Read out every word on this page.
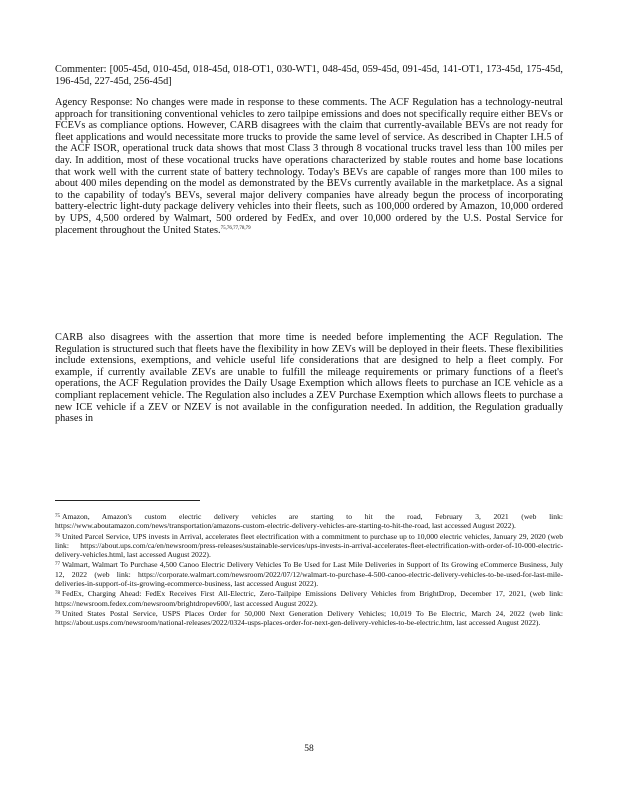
Commenter: [005-45d, 010-45d, 018-45d, 018-OT1, 030-WT1, 048-45d, 059-45d, 091-45d, 141-OT1, 173-45d, 175-45d, 196-45d, 227-45d, 256-45d]

Agency Response: No changes were made in response to these comments. The ACF Regulation has a technology-neutral approach for transitioning conventional vehicles to zero tailpipe emissions and does not specifically require either BEVs or FCEVs as compliance options. However, CARB disagrees with the claim that currently-available BEVs are not ready for fleet applications and would necessitate more trucks to provide the same level of service. As described in Chapter I.H.5 of the ACF ISOR, operational truck data shows that most Class 3 through 8 vocational trucks travel less than 100 miles per day. In addition, most of these vocational trucks have operations characterized by stable routes and home base locations that work well with the current state of battery technology. Today's BEVs are capable of ranges more than 100 miles to about 400 miles depending on the model as demonstrated by the BEVs currently available in the marketplace. As a signal to the capability of today's BEVs, several major delivery companies have already begun the process of incorporating battery-electric light-duty package delivery vehicles into their fleets, such as 100,000 ordered by Amazon, 10,000 ordered by UPS, 4,500 ordered by Walmart, 500 ordered by FedEx, and over 10,000 ordered by the U.S. Postal Service for placement throughout the United States.$^{75,76,77,78,79}$

CARB also disagrees with the assertion that more time is needed before implementing the ACF Regulation. The Regulation is structured such that fleets have the flexibility in how ZEVs will be deployed in their fleets. These flexibilities include extensions, exemptions, and vehicle useful life considerations that are designed to help a fleet comply. For example, if currently available ZEVs are unable to fulfill the mileage requirements or primary functions of a fleet's operations, the ACF Regulation provides the Daily Usage Exemption which allows fleets to purchase an ICE vehicle as a compliant replacement vehicle. The Regulation also includes a ZEV Purchase Exemption which allows fleets to purchase a new ICE vehicle if a ZEV or NZEV is not available in the configuration needed. In addition, the Regulation gradually phases in

$^{75}$ Amazon, Amazon's custom electric delivery vehicles are starting to hit the road, February 3, 2021 (web link: https://www.aboutamazon.com/news/transportation/amazons-custom-electric-delivery-vehicles-are-starting-to-hit-the-road, last accessed August 2022).

$^{76}$ United Parcel Service, UPS invests in Arrival, accelerates fleet electrification with a commitment to purchase up to 10,000 electric vehicles, January 29, 2020 (web link: https://about.ups.com/ca/en/newsroom/press-releases/sustainable-services/ups-invests-in-arrival-accelerates-fleet-electrification-with-order-of-10-000-electric-delivery-vehicles.html, last accessed August 2022).

$^{77}$ Walmart, Walmart To Purchase 4,500 Canoo Electric Delivery Vehicles To Be Used for Last Mile Deliveries in Support of Its Growing eCommerce Business, July 12, 2022 (web link: https://corporate.walmart.com/newsroom/2022/07/12/walmart-to-purchase-4-500-canoo-electric-delivery-vehicles-to-be-used-for-last-mile-deliveries-in-support-of-its-growing-ecommerce-business, last accessed August 2022).

$^{78}$ FedEx, Charging Ahead: FedEx Receives First All-Electric, Zero-Tailpipe Emissions Delivery Vehicles from BrightDrop, December 17, 2021, (web link: https://newsroom.fedex.com/newsroom/brightdropev600/, last accessed August 2022).

$^{79}$ United States Postal Service, USPS Places Order for 50,000 Next Generation Delivery Vehicles; 10,019 To Be Electric, March 24, 2022 (web link: https://about.usps.com/newsroom/national-releases/2022/0324-usps-places-order-for-next-gen-delivery-vehicles-to-be-electric.htm, last accessed August 2022).

58
